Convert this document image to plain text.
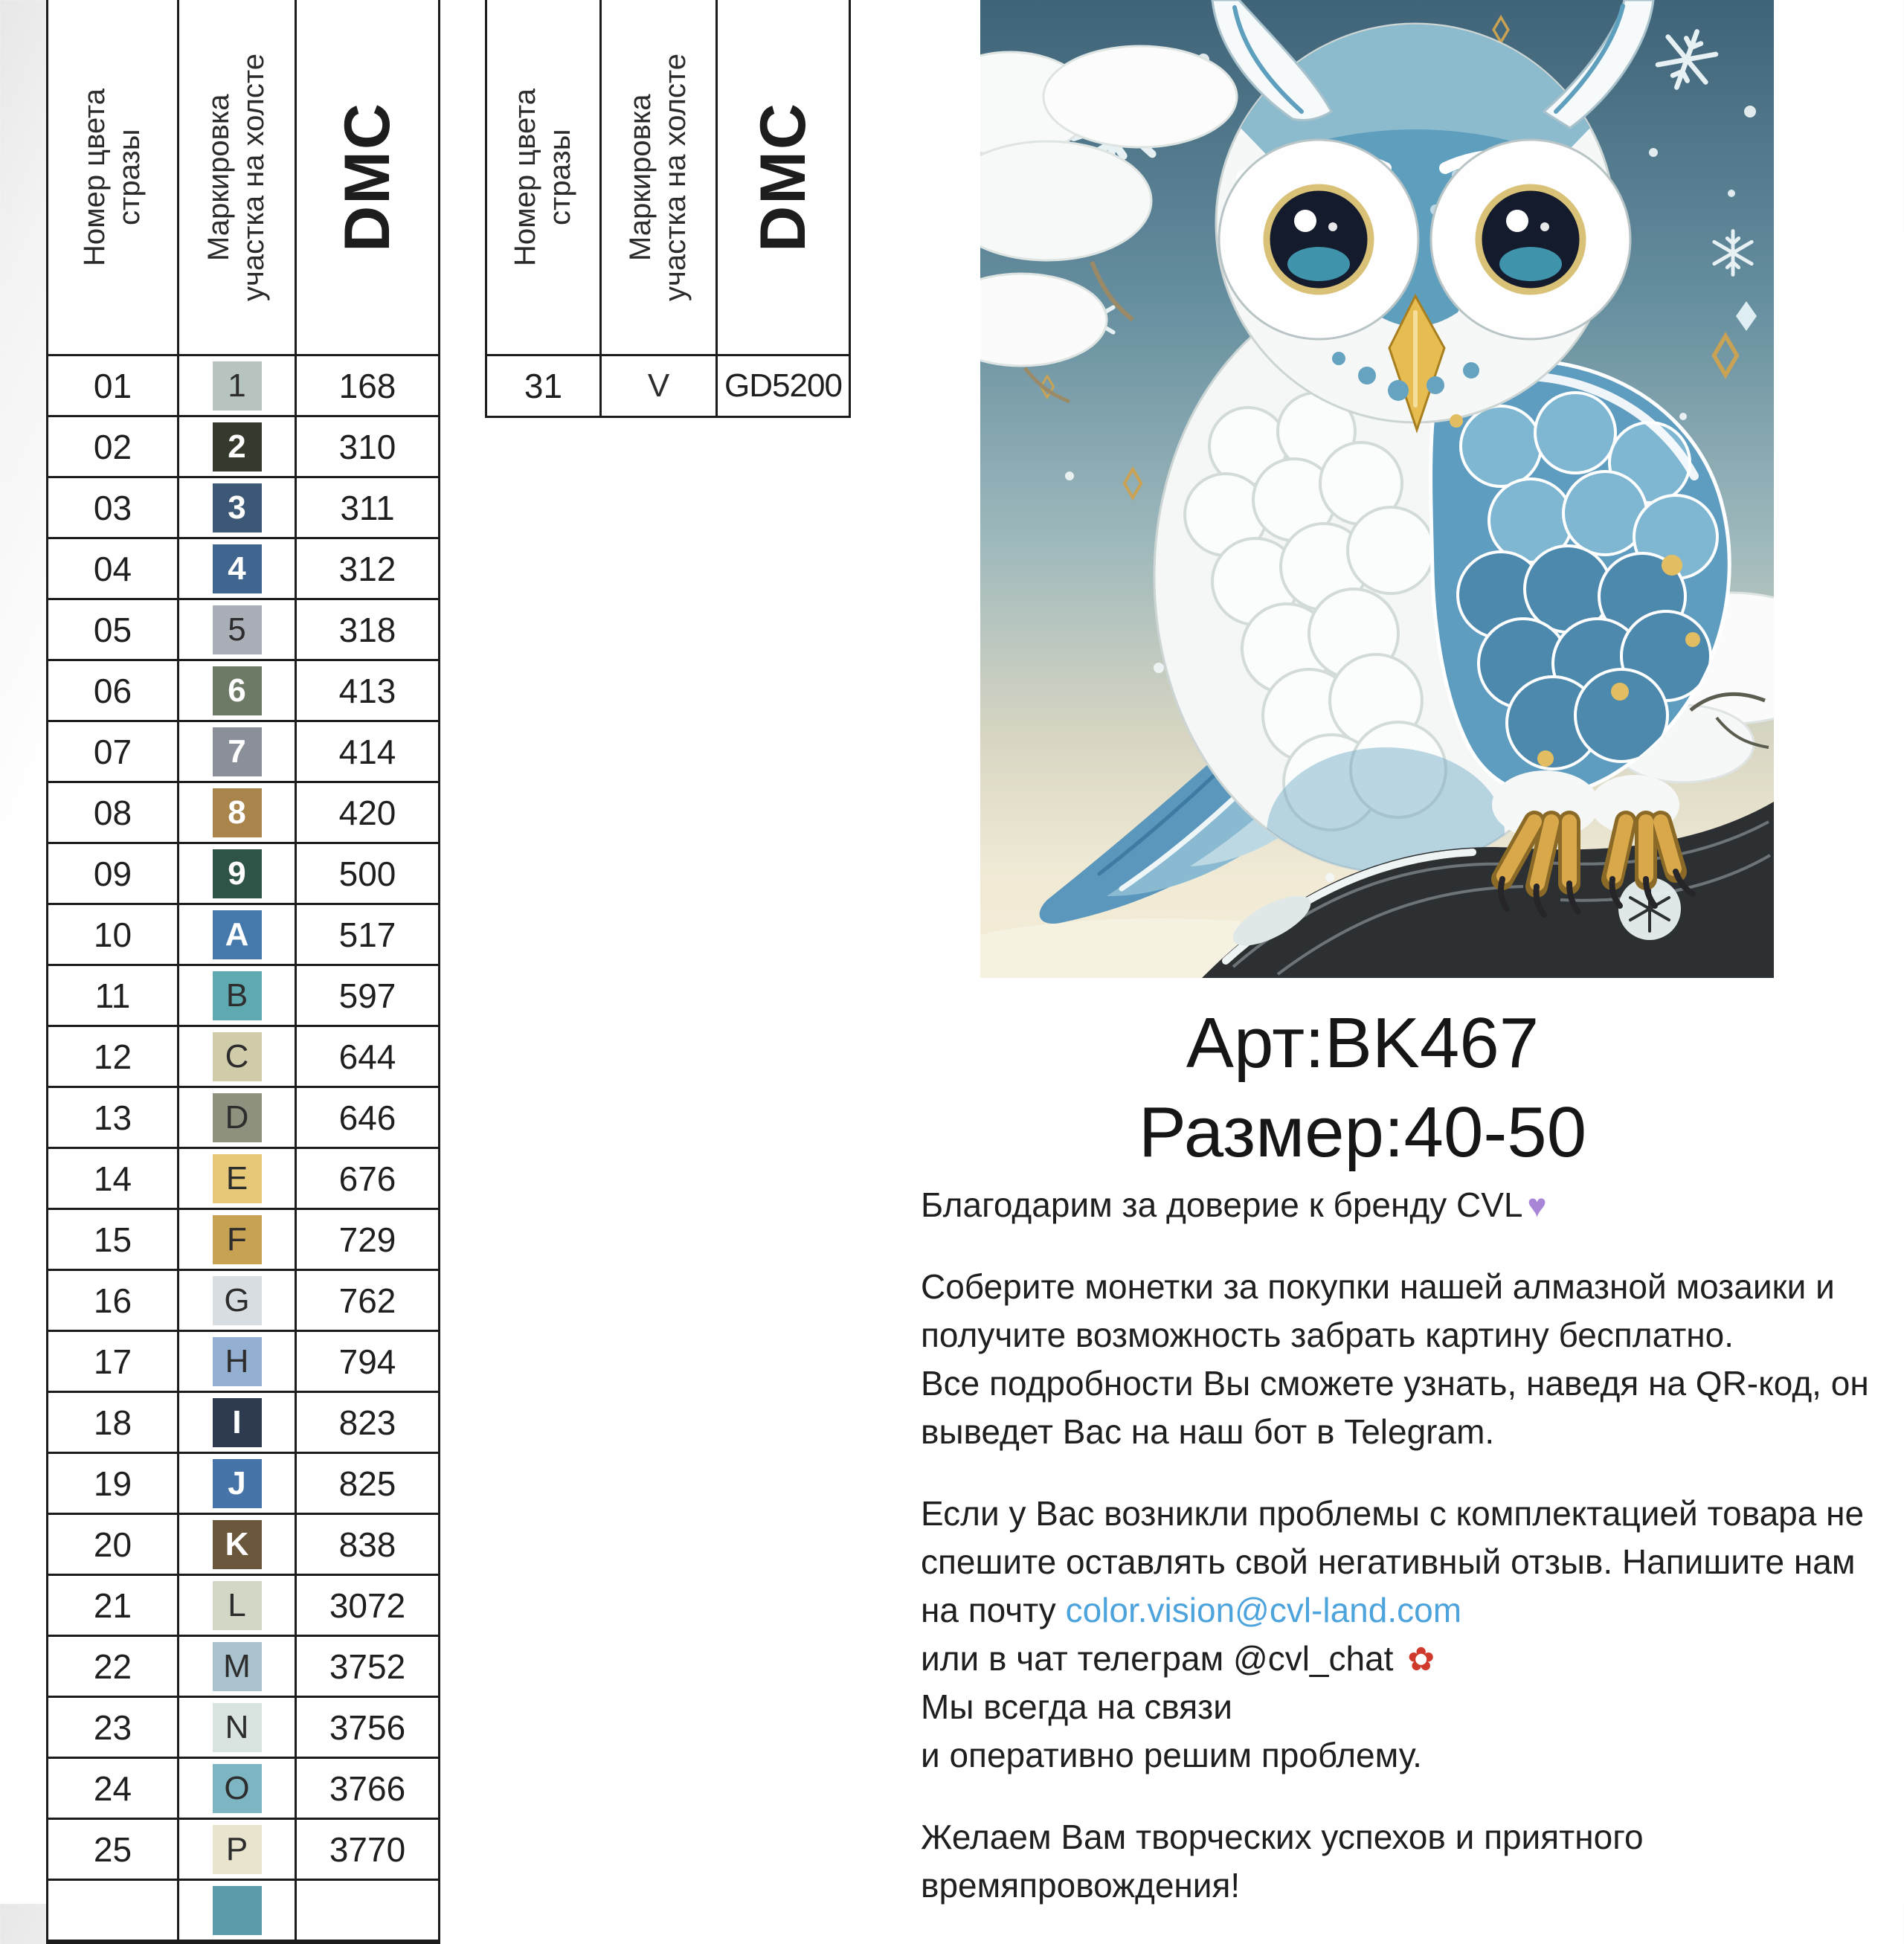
Номер цвета стразы Маркировка участка на холсте DMC
01	1	168
02	2	310
03	3	311
04	4	312
05	5	318
06	6	413
07	7	414
08	8	420
09	9	500
10	A	517
11	B	597
12	C	644
13	D	646
14	E	676
15	F	729
16	G	762
17	H	794
18	I	823
19	J	825
20	K	838
21	L	3072
22	M	3752
23	N	3756
24	O	3766
25	P	3770
Номер цвета стразы Маркировка участка на холсте DMC
31	V	GD5200
Арт:BK467
Размер:40-50
Благодарим за доверие к бренду CVL ♥
Соберите монетки за покупки нашей алмазной мозаики и
получите возможность забрать картину бесплатно.
Все подробности Вы сможете узнать, наведя на QR-код, он
выведет Вас на наш бот в Telegram.
Если у Вас возникли проблемы с комплектацией товара не
спешите оставлять свой негативный отзыв. Напишите нам
на почту color.vision@cvl-land.com
или в чат телеграм @cvl_chat ✿
Мы всегда на связи
и оперативно решим проблему.
Желаем Вам творческих успехов и приятного
времяпровождения!
